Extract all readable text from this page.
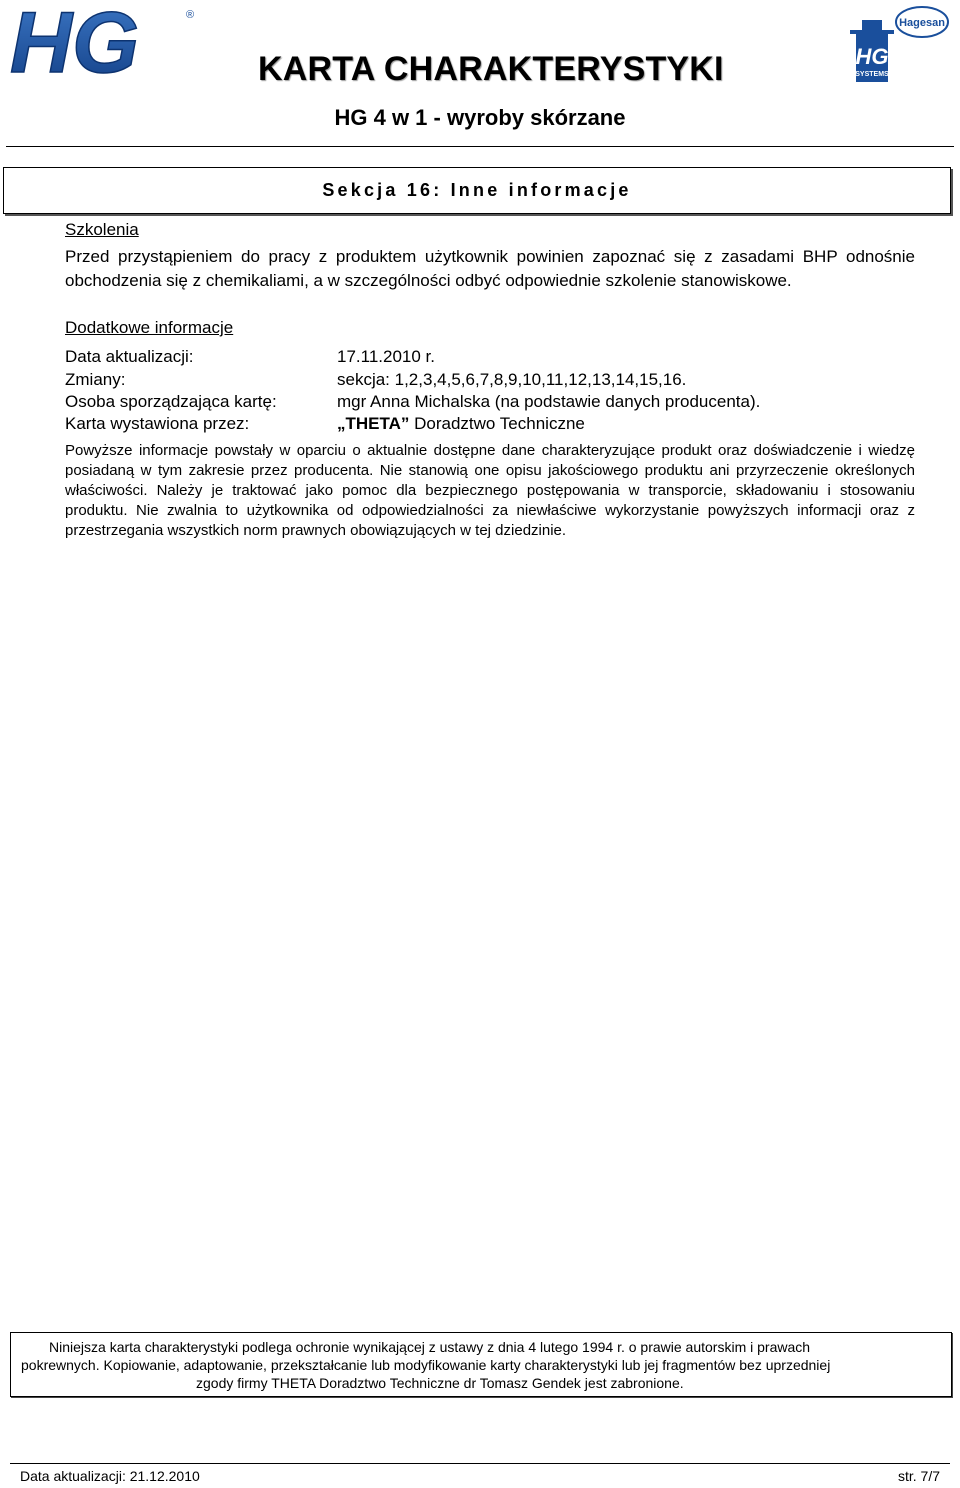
HG	®
Hagesan
HG
SYSTEMS
KARTA CHARAKTERYSTYKI
HG 4 w 1 - wyroby skórzane
Sekcja 16: Inne informacje
Szkolenia
Przed przystąpieniem do pracy z produktem użytkownik powinien zapoznać się z zasadami BHP odnośnie obchodzenia się z chemikaliami, a w szczególności odbyć odpowiednie szkolenie stanowiskowe.
Dodatkowe informacje
Data aktualizacji:	17.11.2010 r.
Zmiany:	sekcja: 1,2,3,4,5,6,7,8,9,10,11,12,13,14,15,16.
Osoba sporządzająca kartę:	mgr Anna Michalska (na podstawie danych producenta).
Karta wystawiona przez:	„THETA” Doradztwo Techniczne
Powyższe informacje powstały w oparciu o aktualnie dostępne dane charakteryzujące produkt oraz doświadczenie i wiedzę posiadaną w tym zakresie przez producenta. Nie stanowią one opisu jakościowego produktu ani przyrzeczenie określonych właściwości. Należy je traktować jako pomoc dla bezpiecznego postępowania w transporcie, składowaniu i stosowaniu produktu. Nie zwalnia to użytkownika od odpowiedzialności za niewłaściwe wykorzystanie powyższych informacji oraz z przestrzegania wszystkich norm prawnych obowiązujących w tej dziedzinie.
Niniejsza karta charakterystyki podlega ochronie wynikającej z ustawy z dnia 4 lutego 1994 r. o prawie autorskim i prawach
pokrewnych. Kopiowanie, adaptowanie, przekształcanie lub modyfikowanie karty charakterystyki lub jej fragmentów bez uprzedniej
zgody firmy THETA Doradztwo Techniczne dr Tomasz Gendek jest zabronione.
Data aktualizacji: 21.12.2010	str. 7/7
